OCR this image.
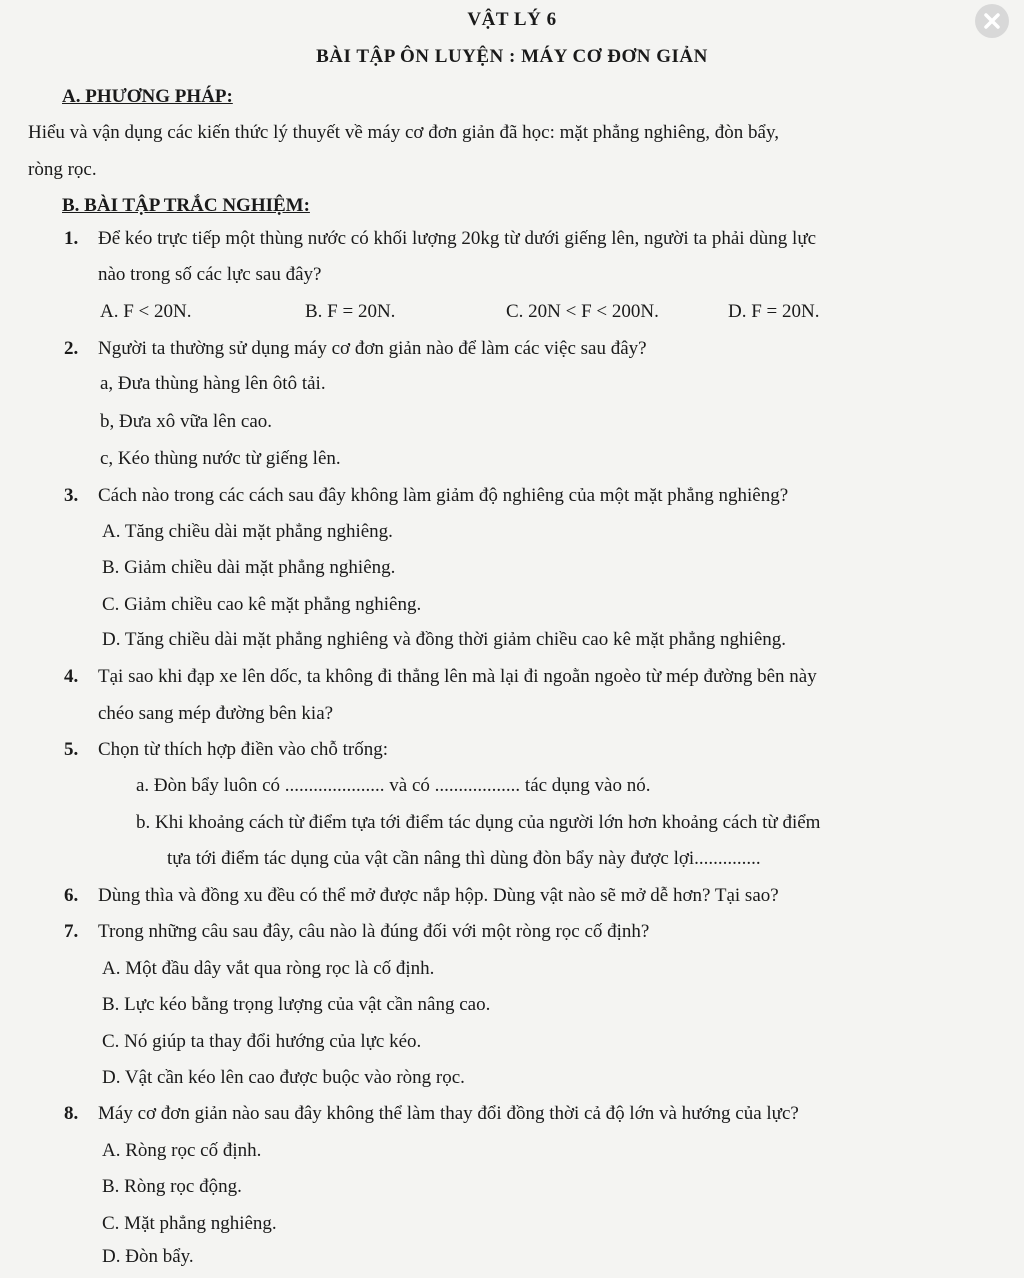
VẬT LÝ 6
BÀI TẬP ÔN LUYỆN : MÁY CƠ ĐƠN GIẢN
A. PHƯƠNG PHÁP:
Hiểu và vận dụng các kiến thức lý thuyết về máy cơ đơn giản đã học: mặt phẳng nghiêng, đòn bẩy,
ròng rọc.
B. BÀI TẬP TRẮC NGHIỆM:
1. Để kéo trực tiếp một thùng nước có khối lượng 20kg từ dưới giếng lên, người ta phải dùng lực
nào trong số các lực sau đây?
A. F < 20N.	B. F = 20N.	C. 20N < F < 200N.	D. F = 20N.
2. Người ta thường sử dụng máy cơ đơn giản nào để làm các việc sau đây?
a, Đưa thùng hàng lên ôtô tải.
b, Đưa xô vữa lên cao.
c, Kéo thùng nước từ giếng lên.
3. Cách nào trong các cách sau đây không làm giảm độ nghiêng của một mặt phẳng nghiêng?
A. Tăng chiều dài mặt phẳng nghiêng.
B. Giảm chiều dài mặt phẳng nghiêng.
C. Giảm chiều cao kê mặt phẳng nghiêng.
D. Tăng chiều dài mặt phẳng nghiêng và đồng thời giảm chiều cao kê mặt phẳng nghiêng.
4. Tại sao khi đạp xe lên dốc, ta không đi thẳng lên mà lại đi ngoằn ngoèo từ mép đường bên này
chéo sang mép đường bên kia?
5. Chọn từ thích hợp điền vào chỗ trống:
a. Đòn bẩy luôn có ..................... và có .................. tác dụng vào nó.
b. Khi khoảng cách từ điểm tựa tới điểm tác dụng của người lớn hơn khoảng cách từ điểm
tựa tới điểm tác dụng của vật cần nâng thì dùng đòn bẩy này được lợi..............
6. Dùng thìa và đồng xu đều có thể mở được nắp hộp. Dùng vật nào sẽ mở dễ hơn? Tại sao?
7. Trong những câu sau đây, câu nào là đúng đối với một ròng rọc cố định?
A. Một đầu dây vắt qua ròng rọc là cố định.
B. Lực kéo bằng trọng lượng của vật cần nâng cao.
C. Nó giúp ta thay đổi hướng của lực kéo.
D. Vật cần kéo lên cao được buộc vào ròng rọc.
8. Máy cơ đơn giản nào sau đây không thể làm thay đổi đồng thời cả độ lớn và hướng của lực?
A. Ròng rọc cố định.
B. Ròng rọc động.
C. Mặt phẳng nghiêng.
D. Đòn bẩy.
